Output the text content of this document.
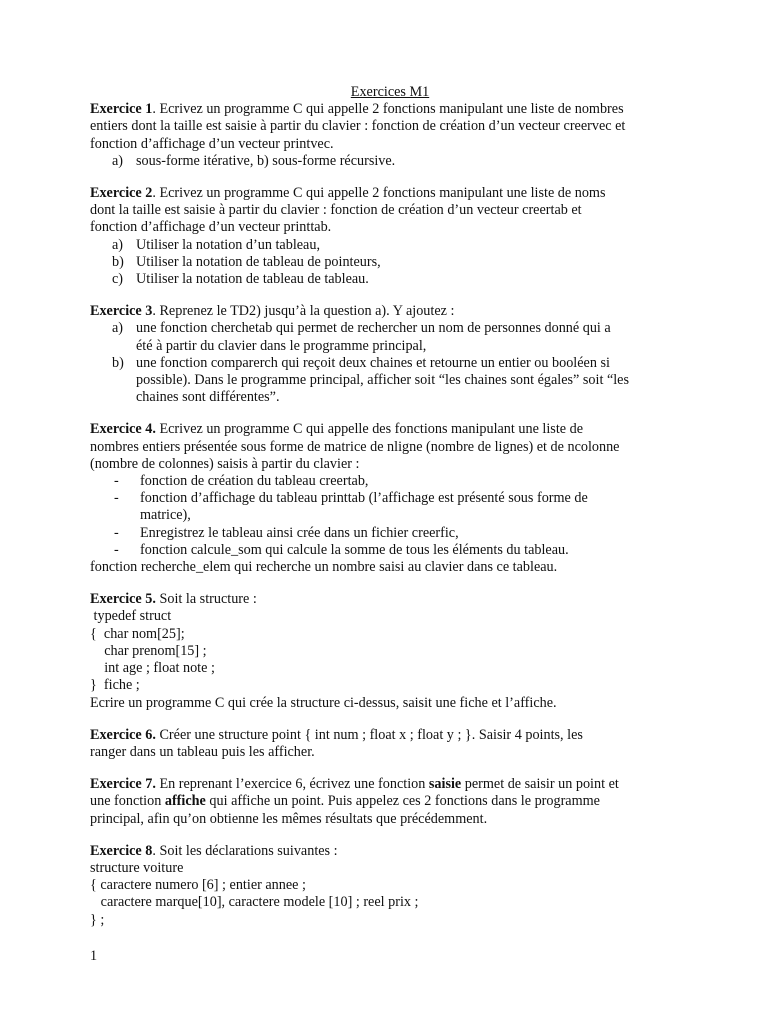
Exercices M1

Exercice 1. Ecrivez un programme C qui appelle 2 fonctions manipulant une liste de nombres

entiers dont la taille est saisie à partir du clavier : fonction de création d’un vecteur creervec et

fonction d’affichage d’un vecteur printvec.

a) sous-forme itérative, b) sous-forme récursive.

Exercice 2. Ecrivez un programme C qui appelle 2 fonctions manipulant une liste de noms

dont la taille est saisie à partir du clavier : fonction de création d’un vecteur creertab et

fonction d’affichage d’un vecteur printtab.

a) Utiliser la notation d’un tableau,
b) Utiliser la notation de tableau de pointeurs,
c) Utiliser la notation de tableau de tableau.

Exercice 3. Reprenez le TD2) jusqu’à la question a). Y ajoutez :

a) une fonction cherchetab qui permet de rechercher un nom de personnes donné qui a
été à partir du clavier dans le programme principal,
b) une fonction comparerch qui reçoit deux chaines et retourne un entier ou booléen si
possible). Dans le programme principal, afficher soit “les chaines sont égales” soit “les
chaines sont différentes”.

Exercice 4. Ecrivez un programme C qui appelle des fonctions manipulant une liste de

nombres entiers présentée sous forme de matrice de nligne (nombre de lignes) et de ncolonne

(nombre de colonnes) saisis à partir du clavier :

- fonction de création du tableau creertab,
- fonction d’affichage du tableau printtab (l’affichage est présenté sous forme de
matrice),
- Enregistrez le tableau ainsi crée dans un fichier creerfic,
- fonction calcule_som qui calcule la somme de tous les éléments du tableau.

fonction recherche_elem qui recherche un nombre saisi au clavier dans ce tableau.

Exercice 5. Soit la structure :

typedef struct

{  char nom[25];

char prenom[15] ;

int age ; float note ;

}  fiche ;

Ecrire un programme C qui crée la structure ci-dessus, saisit une fiche et l’affiche.

Exercice 6. Créer une structure point { int num ; float x ; float y ; }. Saisir 4 points, les

ranger dans un tableau puis les afficher.

Exercice 7. En reprenant l’exercice 6, écrivez une fonction saisie permet de saisir un point et

une fonction affiche qui affiche un point. Puis appelez ces 2 fonctions dans le programme

principal, afin qu’on obtienne les mêmes résultats que précédemment.

Exercice 8. Soit les déclarations suivantes :

structure voiture

{ caractere numero [6] ; entier annee ;

caractere marque[10], caractere modele [10] ; reel prix ;

} ;

1
